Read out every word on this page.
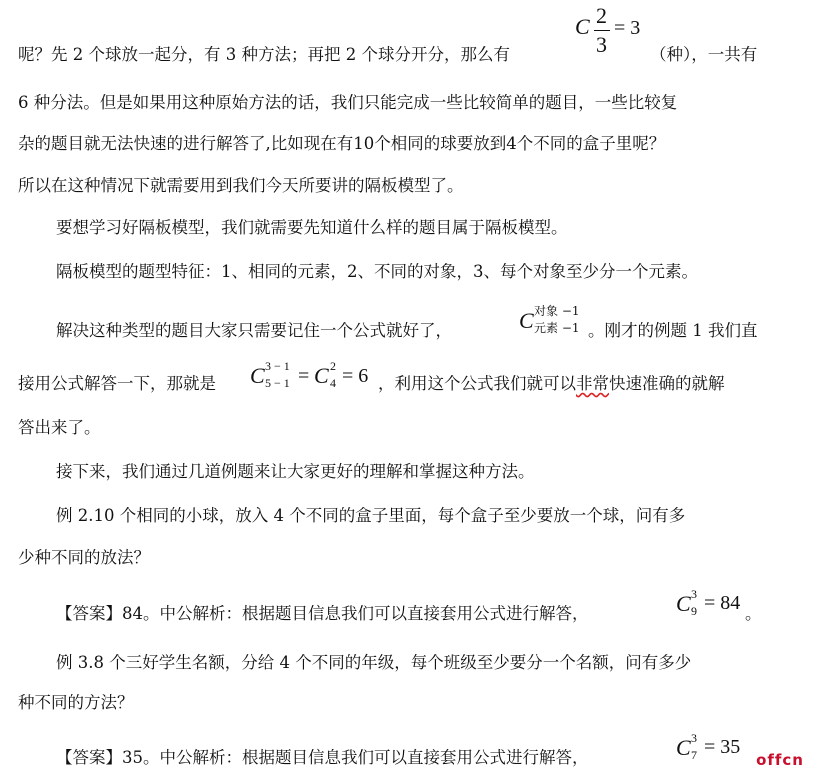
呢？先 2 个球放一起分，有 3 种方法；再把 2 个球分开分，那么有
C 2
3
= 3
（种），一共有
6 种分法。但是如果用这种原始方法的话，我们只能完成一些比较简单的题目，一些比较复
杂的题目就无法快速的进行解答了,比如现在有10个相同的球要放到4个不同的盒子里呢？
所以在这种情况下就需要用到我们今天所要讲的隔板模型了。
要想学习好隔板模型，我们就需要先知道什么样的题目属于隔板模型。
隔板模型的题型特征：1、相同的元素，2、不同的对象，3、每个对象至少分一个元素。
解决这种类型的题目大家只需要记住一个公式就好了，	C 对象 −1
元素 −1 。刚才的例题 1 我们直
接用公式解答一下，那就是 C 3 − 1
5 − 1 = C 2
4 = 6 ，利用这个公式我们就可以非常快速准确的就解
答出来了。
接下来，我们通过几道例题来让大家更好的理解和掌握这种方法。
例 2.10 个相同的小球，放入 4 个不同的盒子里面，每个盒子至少要放一个球，问有多
少种不同的放法？
【答案】84。中公解析：根据题目信息我们可以直接套用公式进行解答，	C 3
9 = 84 。
例 3.8 个三好学生名额，分给 4 个不同的年级，每个班级至少要分一个名额，问有多少
种不同的方法？
【答案】35。中公解析：根据题目信息我们可以直接套用公式进行解答，	C 3
7 = 35
offcn
